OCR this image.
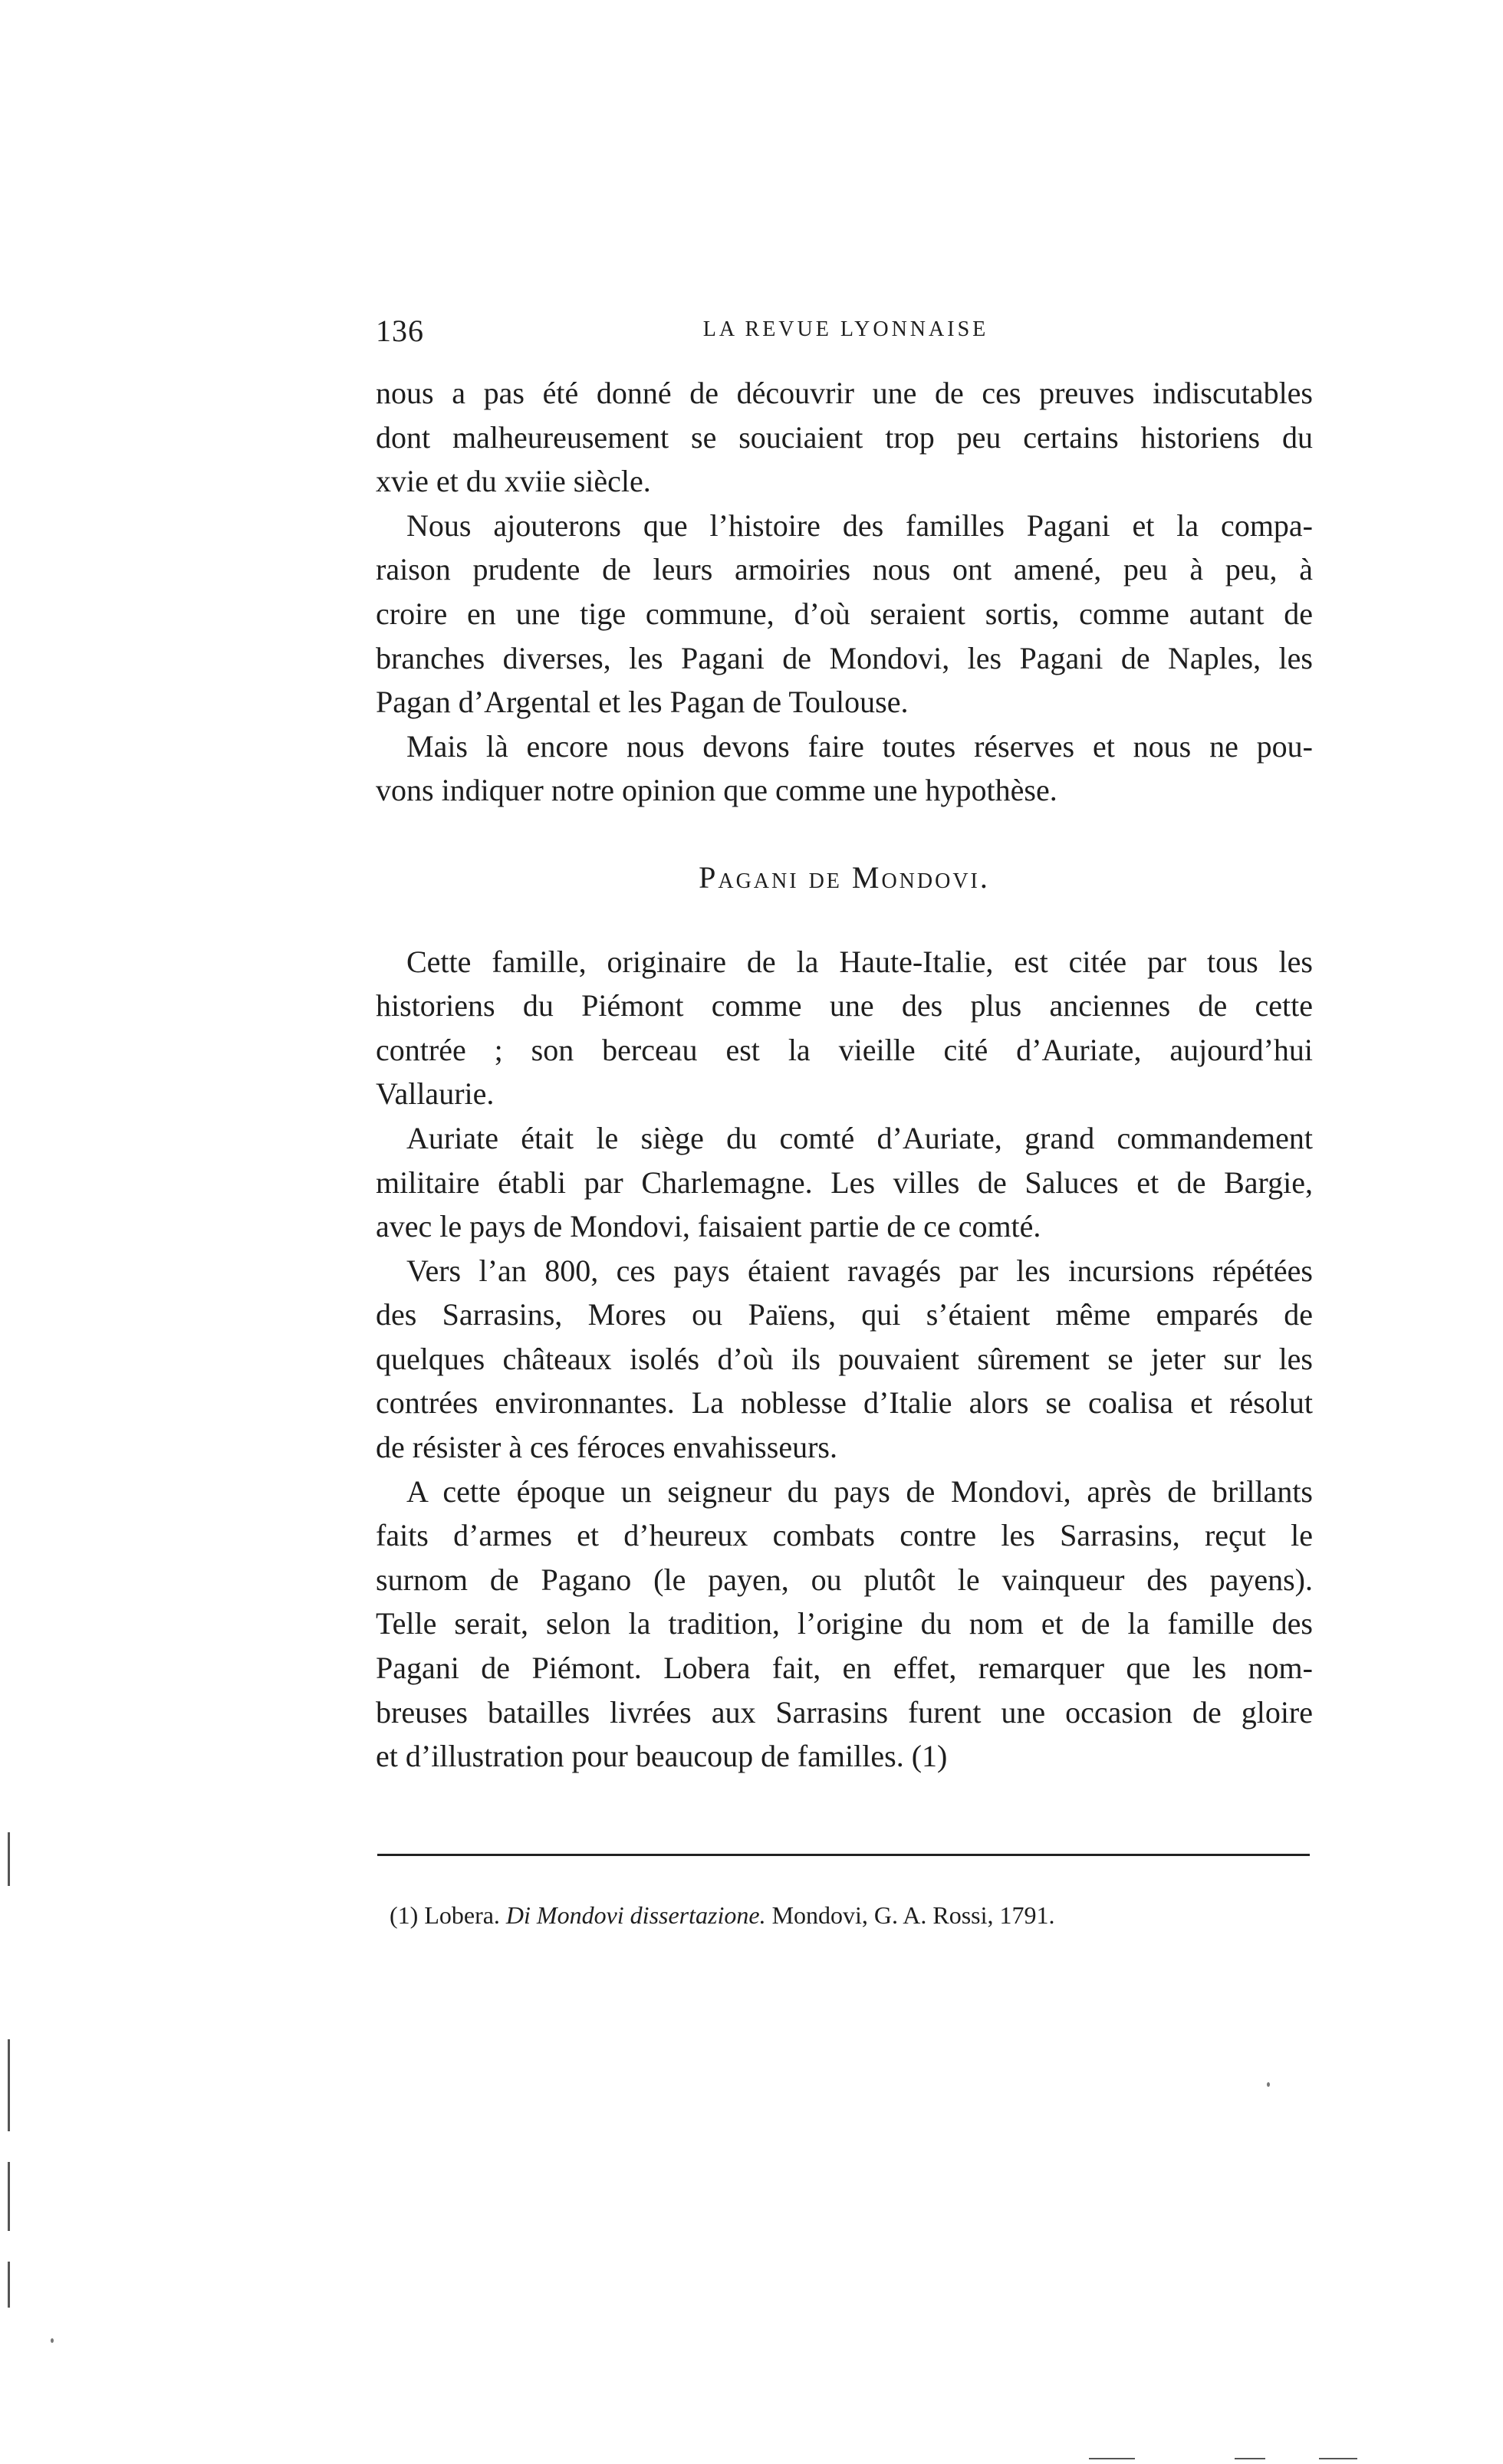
136	LA REVUE LYONNAISE

nous a pas été donné de découvrir une de ces preuves indiscutables
dont malheureusement se souciaient trop peu certains historiens du
xvie et du xviie siècle.

Nous ajouterons que l’histoire des familles Pagani et la compa-
raison prudente de leurs armoiries nous ont amené, peu à peu, à
croire en une tige commune, d’où seraient sortis, comme autant de
branches diverses, les Pagani de Mondovi, les Pagani de Naples, les
Pagan d’Argental et les Pagan de Toulouse.

Mais là encore nous devons faire toutes réserves et nous ne pou-
vons indiquer notre opinion que comme une hypothèse.

Pagani de Mondovi.

Cette famille, originaire de la Haute-Italie, est citée par tous les
historiens du Piémont comme une des plus anciennes de cette
contrée ; son berceau est la vieille cité d’Auriate, aujourd’hui
Vallaurie.

Auriate était le siège du comté d’Auriate, grand commandement
militaire établi par Charlemagne. Les villes de Saluces et de Bargie,
avec le pays de Mondovi, faisaient partie de ce comté.

Vers l’an 800, ces pays étaient ravagés par les incursions répétées
des Sarrasins, Mores ou Païens, qui s’étaient même emparés de
quelques châteaux isolés d’où ils pouvaient sûrement se jeter sur les
contrées environnantes. La noblesse d’Italie alors se coalisa et résolut
de résister à ces féroces envahisseurs.

A cette époque un seigneur du pays de Mondovi, après de brillants
faits d’armes et d’heureux combats contre les Sarrasins, reçut le
surnom de Pagano (le payen, ou plutôt le vainqueur des payens).
Telle serait, selon la tradition, l’origine du nom et de la famille des
Pagani de Piémont. Lobera fait, en effet, remarquer que les nom-
breuses batailles livrées aux Sarrasins furent une occasion de gloire
et d’illustration pour beaucoup de familles. (1)

(1) Lobera. Di Mondovi dissertazione. Mondovi, G. A. Rossi, 1791.
